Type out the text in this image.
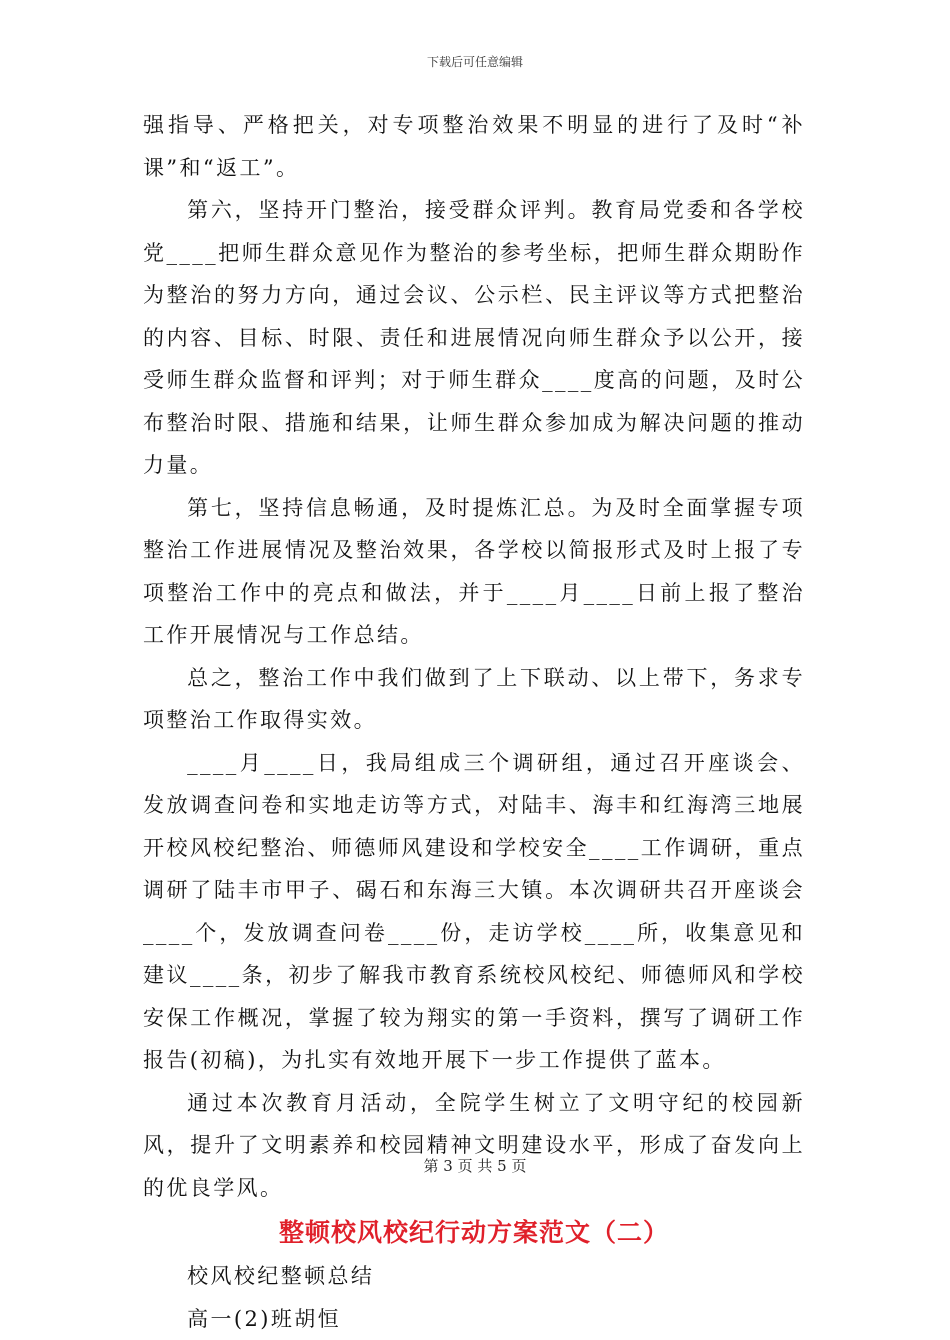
下载后可任意编辑

强指导、严格把关，对专项整治效果不明显的进行了及时“补课”和“返工”。

第六，坚持开门整治，接受群众评判。教育局党委和各学校党____把师生群众意见作为整治的参考坐标，把师生群众期盼作为整治的努力方向，通过会议、公示栏、民主评议等方式把整治的内容、目标、时限、责任和进展情况向师生群众予以公开，接受师生群众监督和评判；对于师生群众____度高的问题，及时公布整治时限、措施和结果，让师生群众参加成为解决问题的推动力量。

第七，坚持信息畅通，及时提炼汇总。为及时全面掌握专项整治工作进展情况及整治效果，各学校以简报形式及时上报了专项整治工作中的亮点和做法，并于____月____日前上报了整治工作开展情况与工作总结。

总之，整治工作中我们做到了上下联动、以上带下，务求专项整治工作取得实效。

____月____日，我局组成三个调研组，通过召开座谈会、发放调查问卷和实地走访等方式，对陆丰、海丰和红海湾三地展开校风校纪整治、师德师风建设和学校安全____工作调研，重点调研了陆丰市甲子、碣石和东海三大镇。本次调研共召开座谈会____个，发放调查问卷____份，走访学校____所，收集意见和建议____条，初步了解我市教育系统校风校纪、师德师风和学校安保工作概况，掌握了较为翔实的第一手资料，撰写了调研工作报告(初稿)，为扎实有效地开展下一步工作提供了蓝本。

通过本次教育月活动，全院学生树立了文明守纪的校园新风，提升了文明素养和校园精神文明建设水平，形成了奋发向上的优良学风。

整顿校风校纪行动方案范文（二）

校风校纪整顿总结

高一(2)班胡恒

第 3 页 共 5 页
